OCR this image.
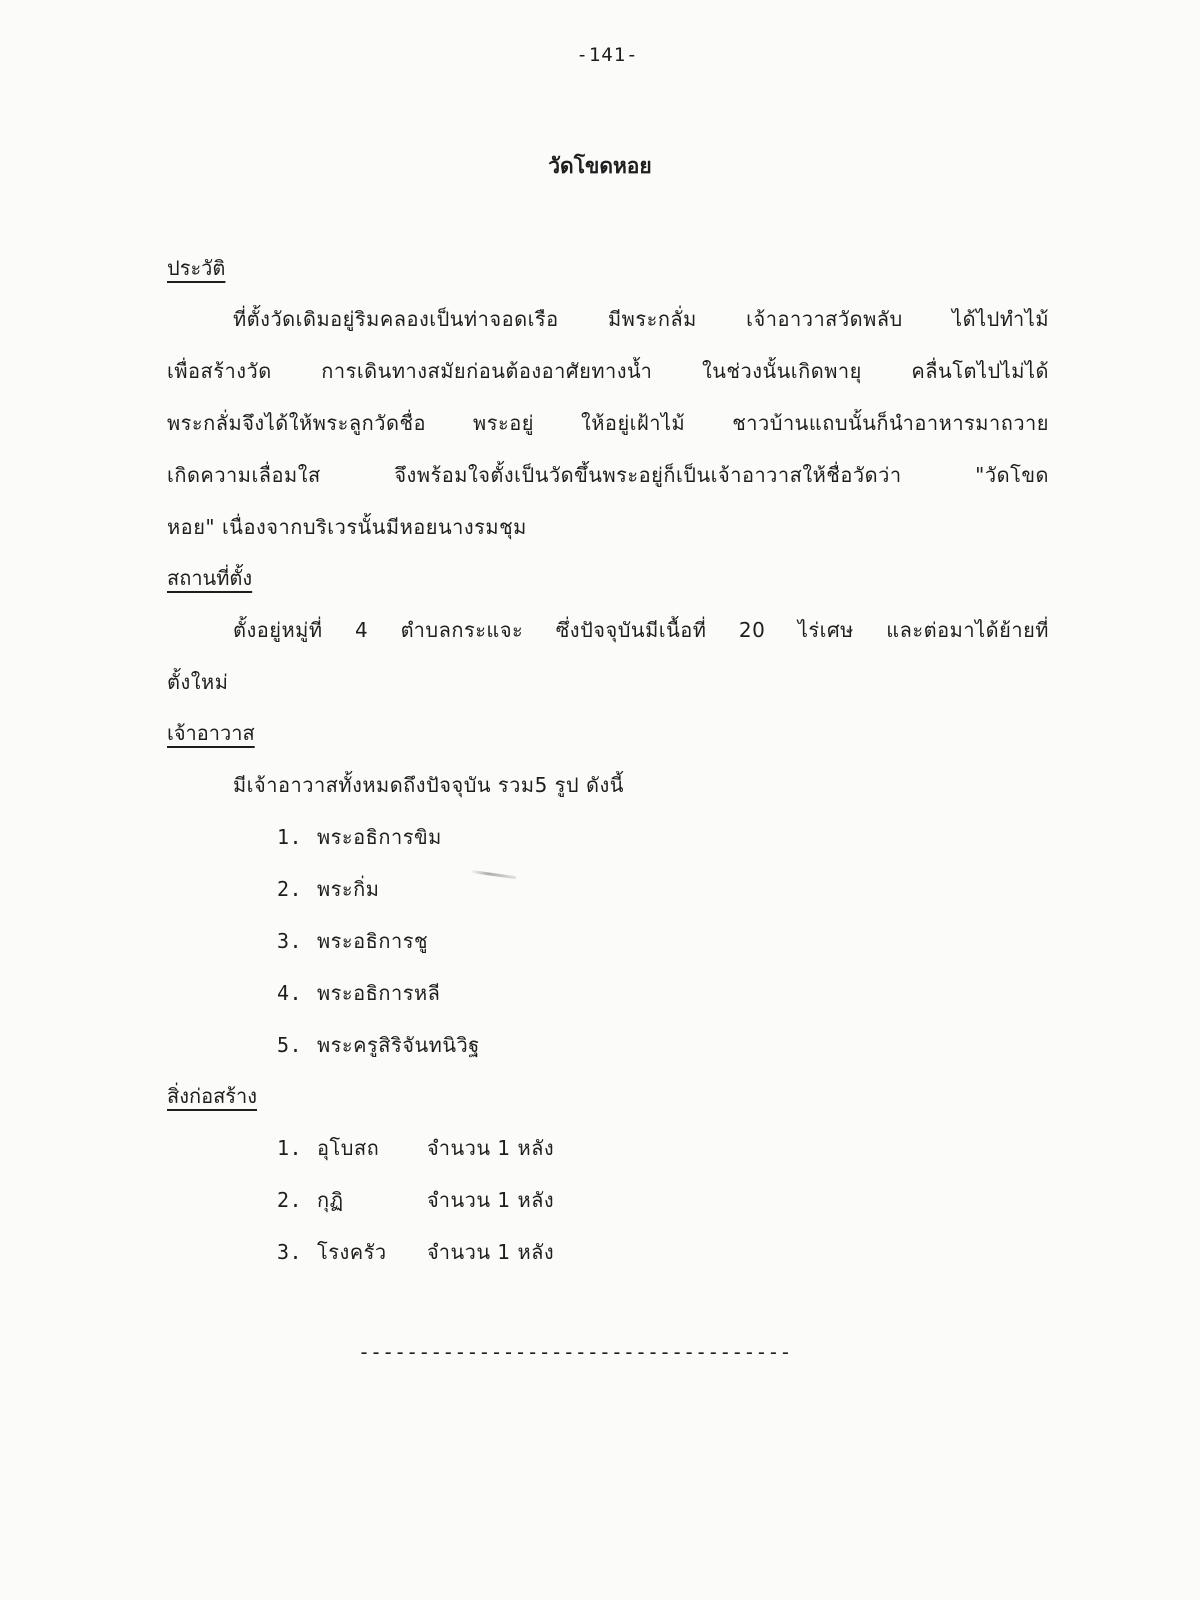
-141-
วัดโขดหอย
ประวัติ
ที่ตั้งวัดเดิมอยู่ริมคลองเป็นท่าจอดเรือ มีพระกลั่ม เจ้าอาวาสวัดพลับ ได้ไปทำไม้
เพื่อสร้างวัด การเดินทางสมัยก่อนต้องอาศัยทางน้ำ ในช่วงนั้นเกิดพายุ คลื่นโตไปไม่ได้
พระกลั่มจึงได้ให้พระลูกวัดชื่อ พระอยู่ ให้อยู่เฝ้าไม้ ชาวบ้านแถบนั้นก็นำอาหารมาถวาย
เกิดความเลื่อมใส จึงพร้อมใจตั้งเป็นวัดขึ้นพระอยู่ก็เป็นเจ้าอาวาสให้ชื่อวัดว่า "วัดโขด
หอย" เนื่องจากบริเวรนั้นมีหอยนางรมชุม
สถานที่ตั้ง
ตั้งอยู่หมู่ที่ 4 ตำบลกระแจะ ซึ่งปัจจุบันมีเนื้อที่ 20 ไร่เศษ และต่อมาได้ย้ายที่
ตั้งใหม่
เจ้าอาวาส
มีเจ้าอาวาสทั้งหมดถึงปัจจุบัน รวม5 รูป ดังนี้
1. พระอธิการขิม
2. พระกิ่ม
3. พระอธิการชู
4. พระอธิการหลี
5. พระครูสิริจันทนิวิฐ
สิ่งก่อสร้าง
1. อุโบสถ จำนวน 1 หลัง
2. กุฏิ	จำนวน 1 หลัง
3. โรงครัว จำนวน 1 หลัง
------------------------------------
